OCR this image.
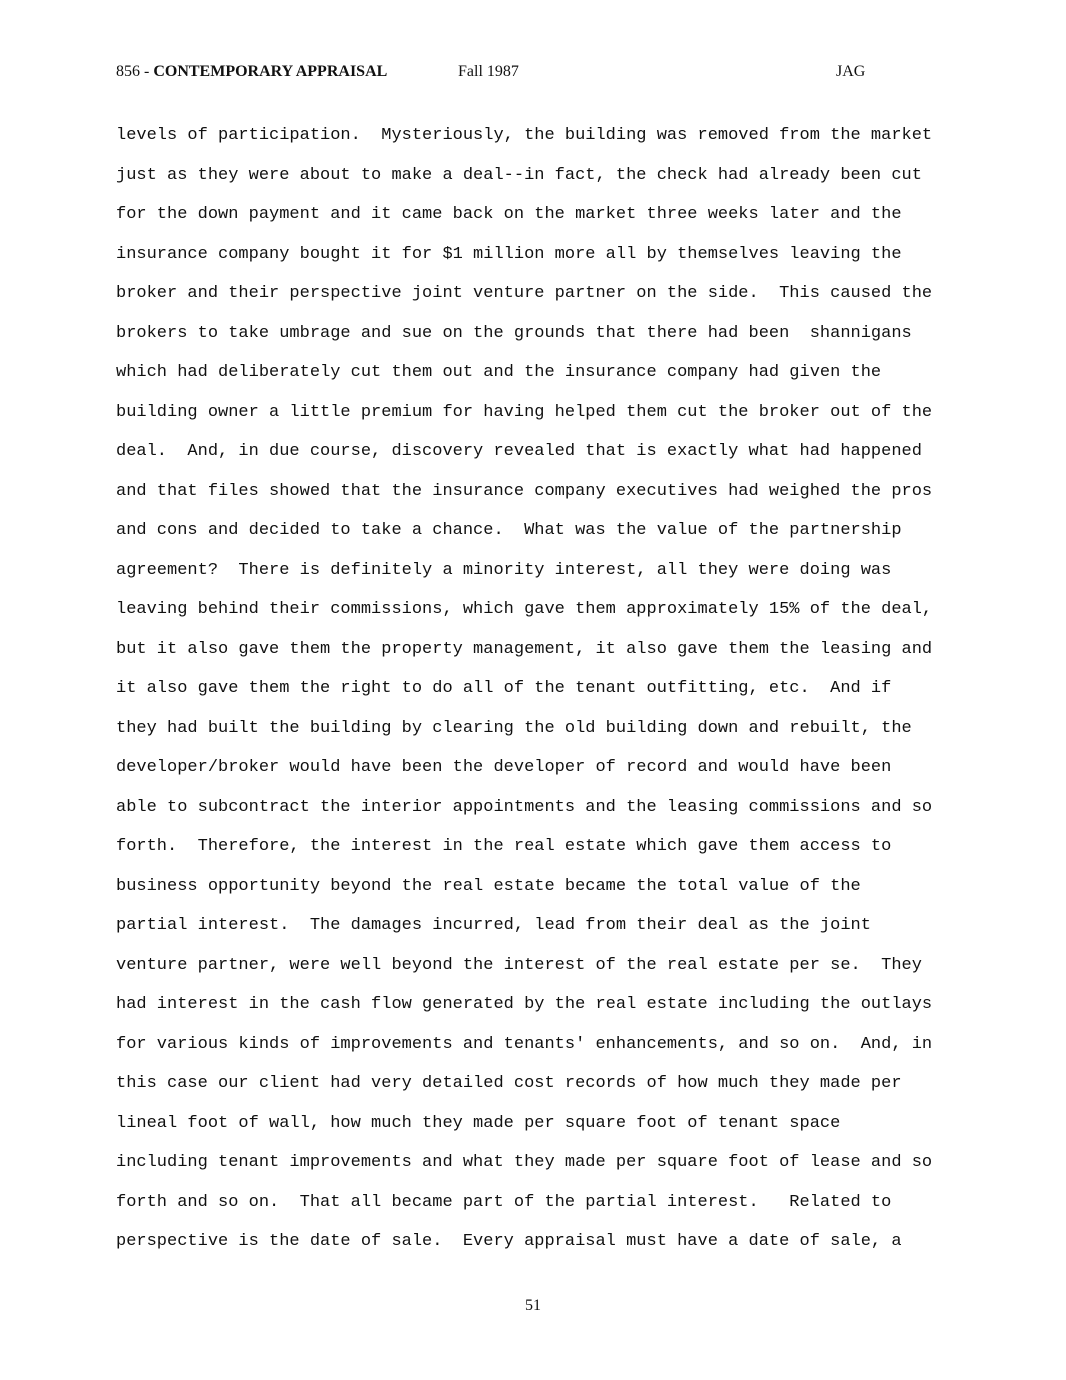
856 - CONTEMPORARY APPRAISAL	Fall 1987	JAG
levels of participation.  Mysteriously, the building was removed from the market
just as they were about to make a deal--in fact, the check had already been cut
for the down payment and it came back on the market three weeks later and the
insurance company bought it for $1 million more all by themselves leaving the
broker and their perspective joint venture partner on the side.  This caused the
brokers to take umbrage and sue on the grounds that there had been  shannigans
which had deliberately cut them out and the insurance company had given the
building owner a little premium for having helped them cut the broker out of the
deal.  And, in due course, discovery revealed that is exactly what had happened
and that files showed that the insurance company executives had weighed the pros
and cons and decided to take a chance.  What was the value of the partnership
agreement?  There is definitely a minority interest, all they were doing was
leaving behind their commissions, which gave them approximately 15% of the deal,
but it also gave them the property management, it also gave them the leasing and
it also gave them the right to do all of the tenant outfitting, etc.  And if
they had built the building by clearing the old building down and rebuilt, the
developer/broker would have been the developer of record and would have been
able to subcontract the interior appointments and the leasing commissions and so
forth.  Therefore, the interest in the real estate which gave them access to
business opportunity beyond the real estate became the total value of the
partial interest.  The damages incurred, lead from their deal as the joint
venture partner, were well beyond the interest of the real estate per se.  They
had interest in the cash flow generated by the real estate including the outlays
for various kinds of improvements and tenants' enhancements, and so on.  And, in
this case our client had very detailed cost records of how much they made per
lineal foot of wall, how much they made per square foot of tenant space
including tenant improvements and what they made per square foot of lease and so
forth and so on.  That all became part of the partial interest.   Related to
perspective is the date of sale.  Every appraisal must have a date of sale, a
51
